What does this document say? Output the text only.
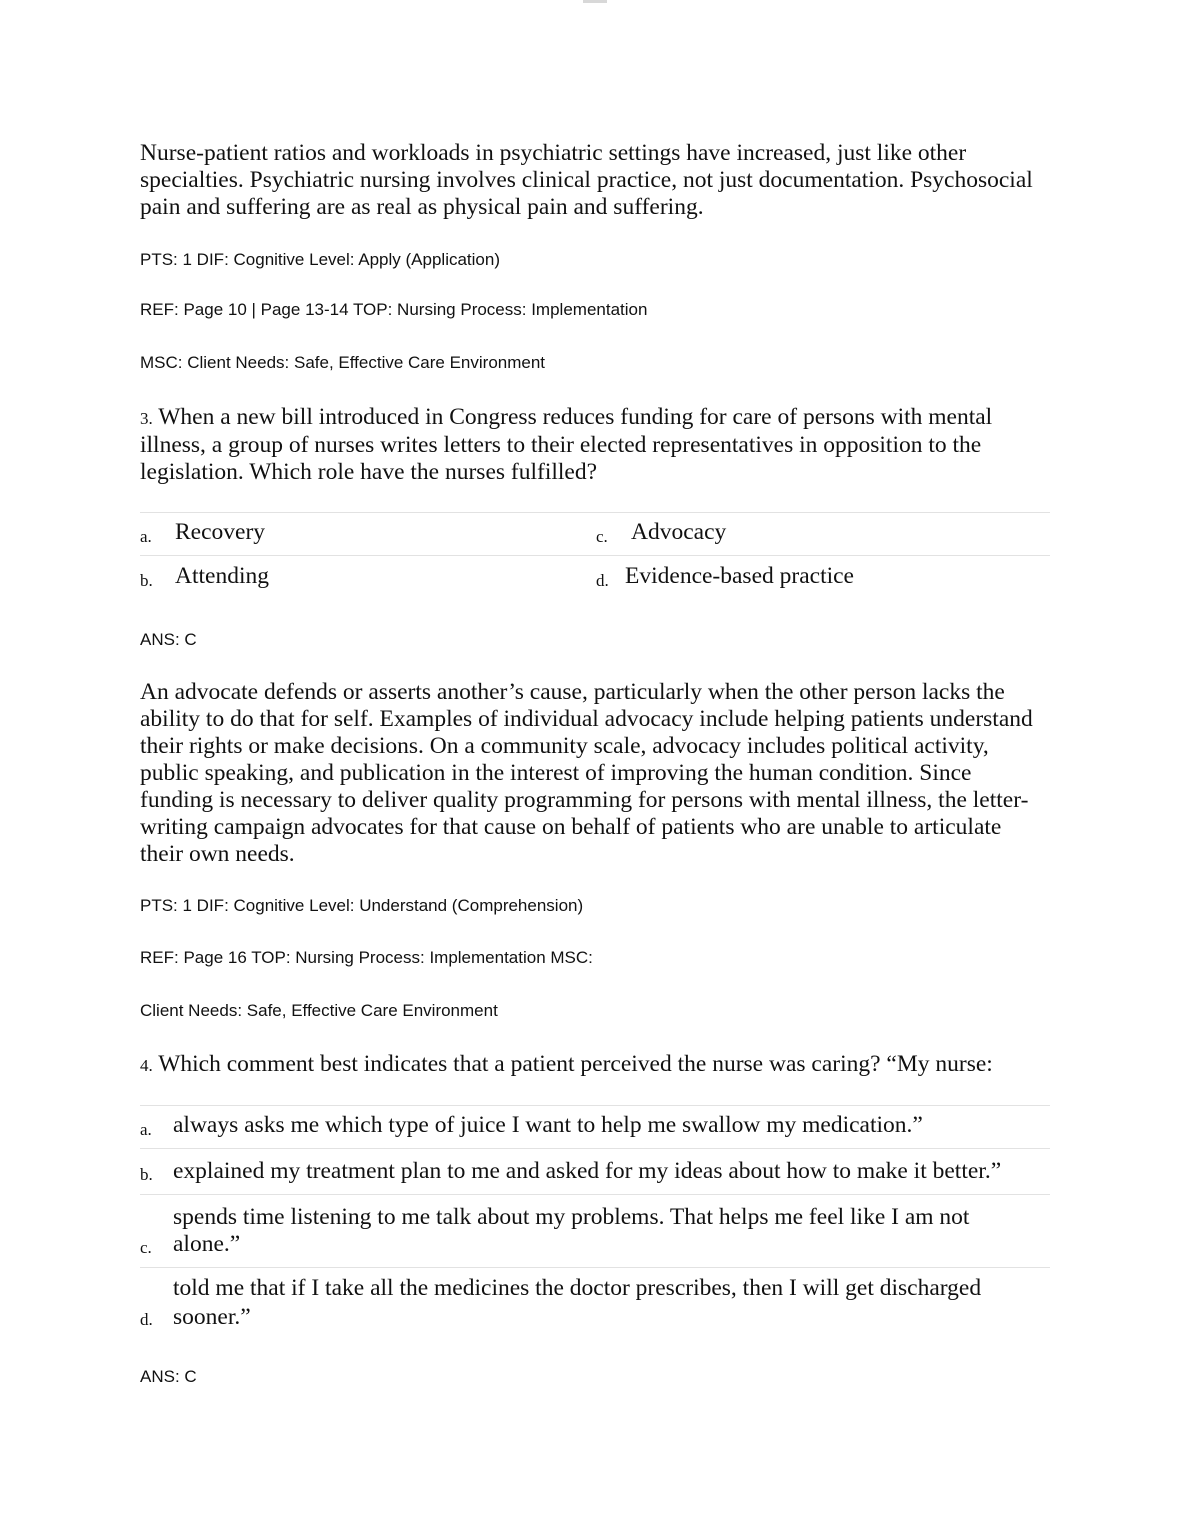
Nurse-patient ratios and workloads in psychiatric settings have increased, just like other specialties. Psychiatric nursing involves clinical practice, not just documentation. Psychosocial pain and suffering are as real as physical pain and suffering.

PTS: 1 DIF: Cognitive Level: Apply (Application)

REF: Page 10 | Page 13-14 TOP: Nursing Process: Implementation

MSC: Client Needs: Safe, Effective Care Environment

3. When a new bill introduced in Congress reduces funding for care of persons with mental illness, a group of nurses writes letters to their elected representatives in opposition to the legislation. Which role have the nurses fulfilled?

a. Recovery	c. Advocacy
b. Attending	d. Evidence-based practice

ANS: C

An advocate defends or asserts another’s cause, particularly when the other person lacks the ability to do that for self. Examples of individual advocacy include helping patients understand their rights or make decisions. On a community scale, advocacy includes political activity, public speaking, and publication in the interest of improving the human condition. Since funding is necessary to deliver quality programming for persons with mental illness, the letter- writing campaign advocates for that cause on behalf of patients who are unable to articulate their own needs.

PTS: 1 DIF: Cognitive Level: Understand (Comprehension)

REF: Page 16 TOP: Nursing Process: Implementation MSC:

Client Needs: Safe, Effective Care Environment

4. Which comment best indicates that a patient perceived the nurse was caring? “My nurse:

a. always asks me which type of juice I want to help me swallow my medication.”
b. explained my treatment plan to me and asked for my ideas about how to make it better.”
c.
spends time listening to me talk about my problems. That helps me feel like I am not alone.”
d.
told me that if I take all the medicines the doctor prescribes, then I will get discharged sooner.”

ANS: C
